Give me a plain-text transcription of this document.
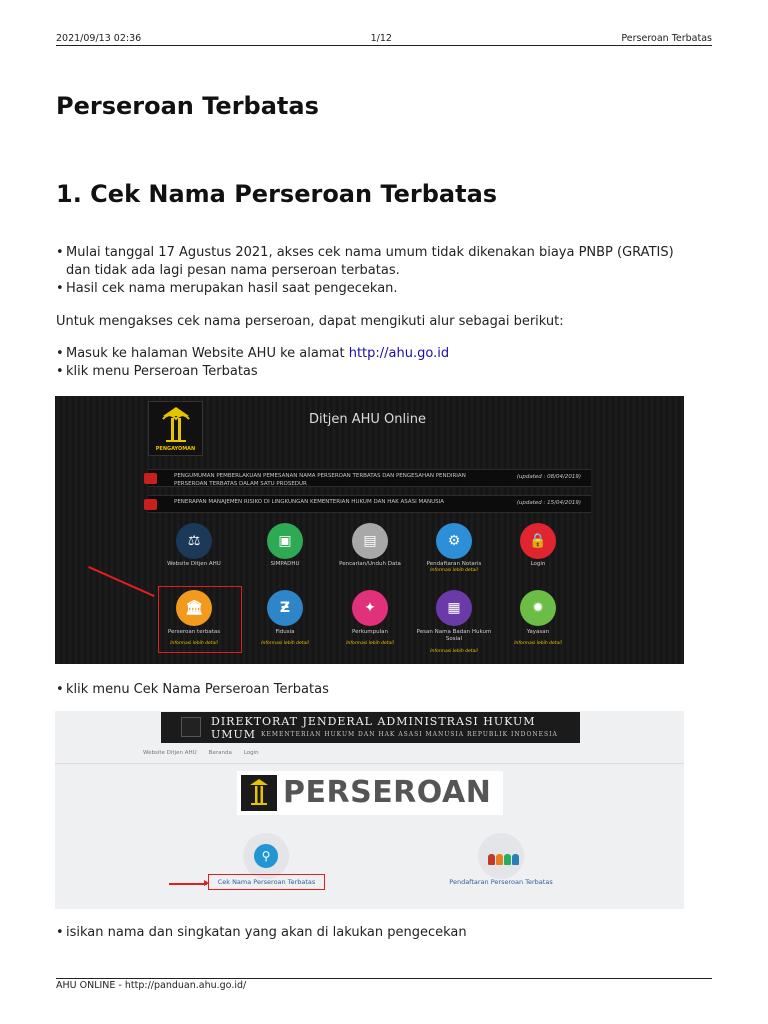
2021/09/13 02:36	1/12	Perseroan Terbatas
Perseroan Terbatas
1. Cek Nama Perseroan Terbatas
• Mulai tanggal 17 Agustus 2021, akses cek nama umum tidak dikenakan biaya PNBP (GRATIS) dan tidak ada lagi pesan nama perseroan terbatas.
• Hasil cek nama merupakan hasil saat pengecekan.

Untuk mengakses cek nama perseroan, dapat mengikuti alur sebagai berikut:

• Masuk ke halaman Website AHU ke alamat http://ahu.go.id
• klik menu Perseroan Terbatas
PENGAYOMAN
Ditjen AHU Online
PENGUMUMAN PEMBERLAKUAN PEMESANAN NAMA PERSEROAN TERBATAS DAN PENGESAHAN PENDIRIAN PERSEROAN TERBATAS DALAM SATU PROSEDUR
(updated : 08/04/2019)
PENERAPAN MANAJEMEN RISIKO DI LINGKUNGAN KEMENTERIAN HUKUM DAN HAK ASASI MANUSIA	(updated : 15/04/2019)
⚖
Website Ditjen AHU
▣
SIMPADHU
▤
Pencarian/Unduh Data
⚙
Pendaftaran Notaris
Informasi lebih detail
🔒
Login
🏛
Perseroan terbatas
Informasi lebih detail
Ƶ
Fidusia
Informasi lebih detail
✦
Perkumpulan
Informasi lebih detail
▦
Pesan Nama Badan Hukum Sosial
Informasi lebih detail
✹
Yayasan
Informasi lebih detail
• klik menu Cek Nama Perseroan Terbatas
DIREKTORAT JENDERAL ADMINISTRASI HUKUM UMUM KEMENTERIAN HUKUM DAN HAK ASASI MANUSIA REPUBLIK INDONESIA
Website Ditjen AHU Beranda Login
PERSEROAN
⚲
Cek Nama Perseroan Terbatas	Pendaftaran Perseroan Terbatas
• isikan nama dan singkatan yang akan di lakukan pengecekan
AHU ONLINE - http://panduan.ahu.go.id/
